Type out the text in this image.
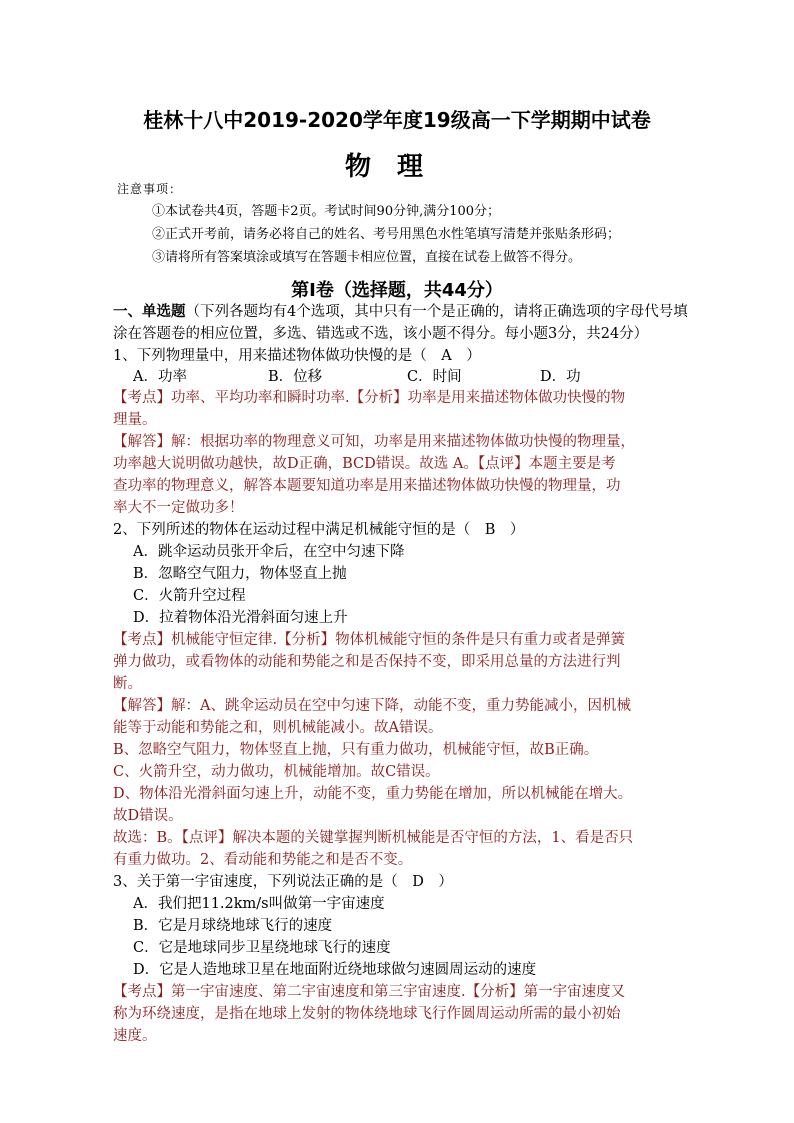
桂林十八中2019-2020学年度19级高一下学期期中试卷
物理
注意事项：
①本试卷共4页，答题卡2页。考试时间90分钟,满分100分；
②正式开考前，请务必将自己的姓名、考号用黑色水性笔填写清楚并张贴条形码；
③请将所有答案填涂或填写在答题卡相应位置，直接在试卷上做答不得分。
第Ⅰ卷（选择题，共44分）
一、单选题（下列各题均有4个选项，其中只有一个是正确的，请将正确选项的字母代号填
涂在答题卷的相应位置，多选、错选或不选，该小题不得分。每小题3分，共24分）
1、下列物理量中，用来描述物体做功快慢的是（　A　）
A．功率	B．位移	C．时间	D．功
【考点】功率、平均功率和瞬时功率.【分析】功率是用来描述物体做功快慢的物
理量。
【解答】解：根据功率的物理意义可知，功率是用来描述物体做功快慢的物理量，
功率越大说明做功越快，故D正确，BCD错误。故选 A。【点评】本题主要是考
查功率的物理意义，解答本题要知道功率是用来描述物体做功快慢的物理量，功
率大不一定做功多！
2、下列所述的物体在运动过程中满足机械能守恒的是（　B　）
A．跳伞运动员张开伞后，在空中匀速下降
B．忽略空气阻力，物体竖直上抛
C．火箭升空过程
D．拉着物体沿光滑斜面匀速上升
【考点】机械能守恒定律.【分析】物体机械能守恒的条件是只有重力或者是弹簧
弹力做功，或看物体的动能和势能之和是否保持不变，即采用总量的方法进行判
断。
【解答】解：A、跳伞运动员在空中匀速下降，动能不变，重力势能减小，因机械
能等于动能和势能之和，则机械能减小。故A错误。
B、忽略空气阻力，物体竖直上抛，只有重力做功，机械能守恒，故B正确。
C、火箭升空，动力做功，机械能增加。故C错误。
D、物体沿光滑斜面匀速上升，动能不变，重力势能在增加，所以机械能在增大。
故D错误。
故选：B。【点评】解决本题的关键掌握判断机械能是否守恒的方法，1、看是否只
有重力做功。2、看动能和势能之和是否不变。
3、关于第一宇宙速度，下列说法正确的是（　D　）
A．我们把11.2km/s叫做第一宇宙速度
B．它是月球绕地球飞行的速度
C．它是地球同步卫星绕地球飞行的速度
D．它是人造地球卫星在地面附近绕地球做匀速圆周运动的速度
【考点】第一宇宙速度、第二宇宙速度和第三宇宙速度.【分析】第一宇宙速度又
称为环绕速度，是指在地球上发射的物体绕地球飞行作圆周运动所需的最小初始
速度。
